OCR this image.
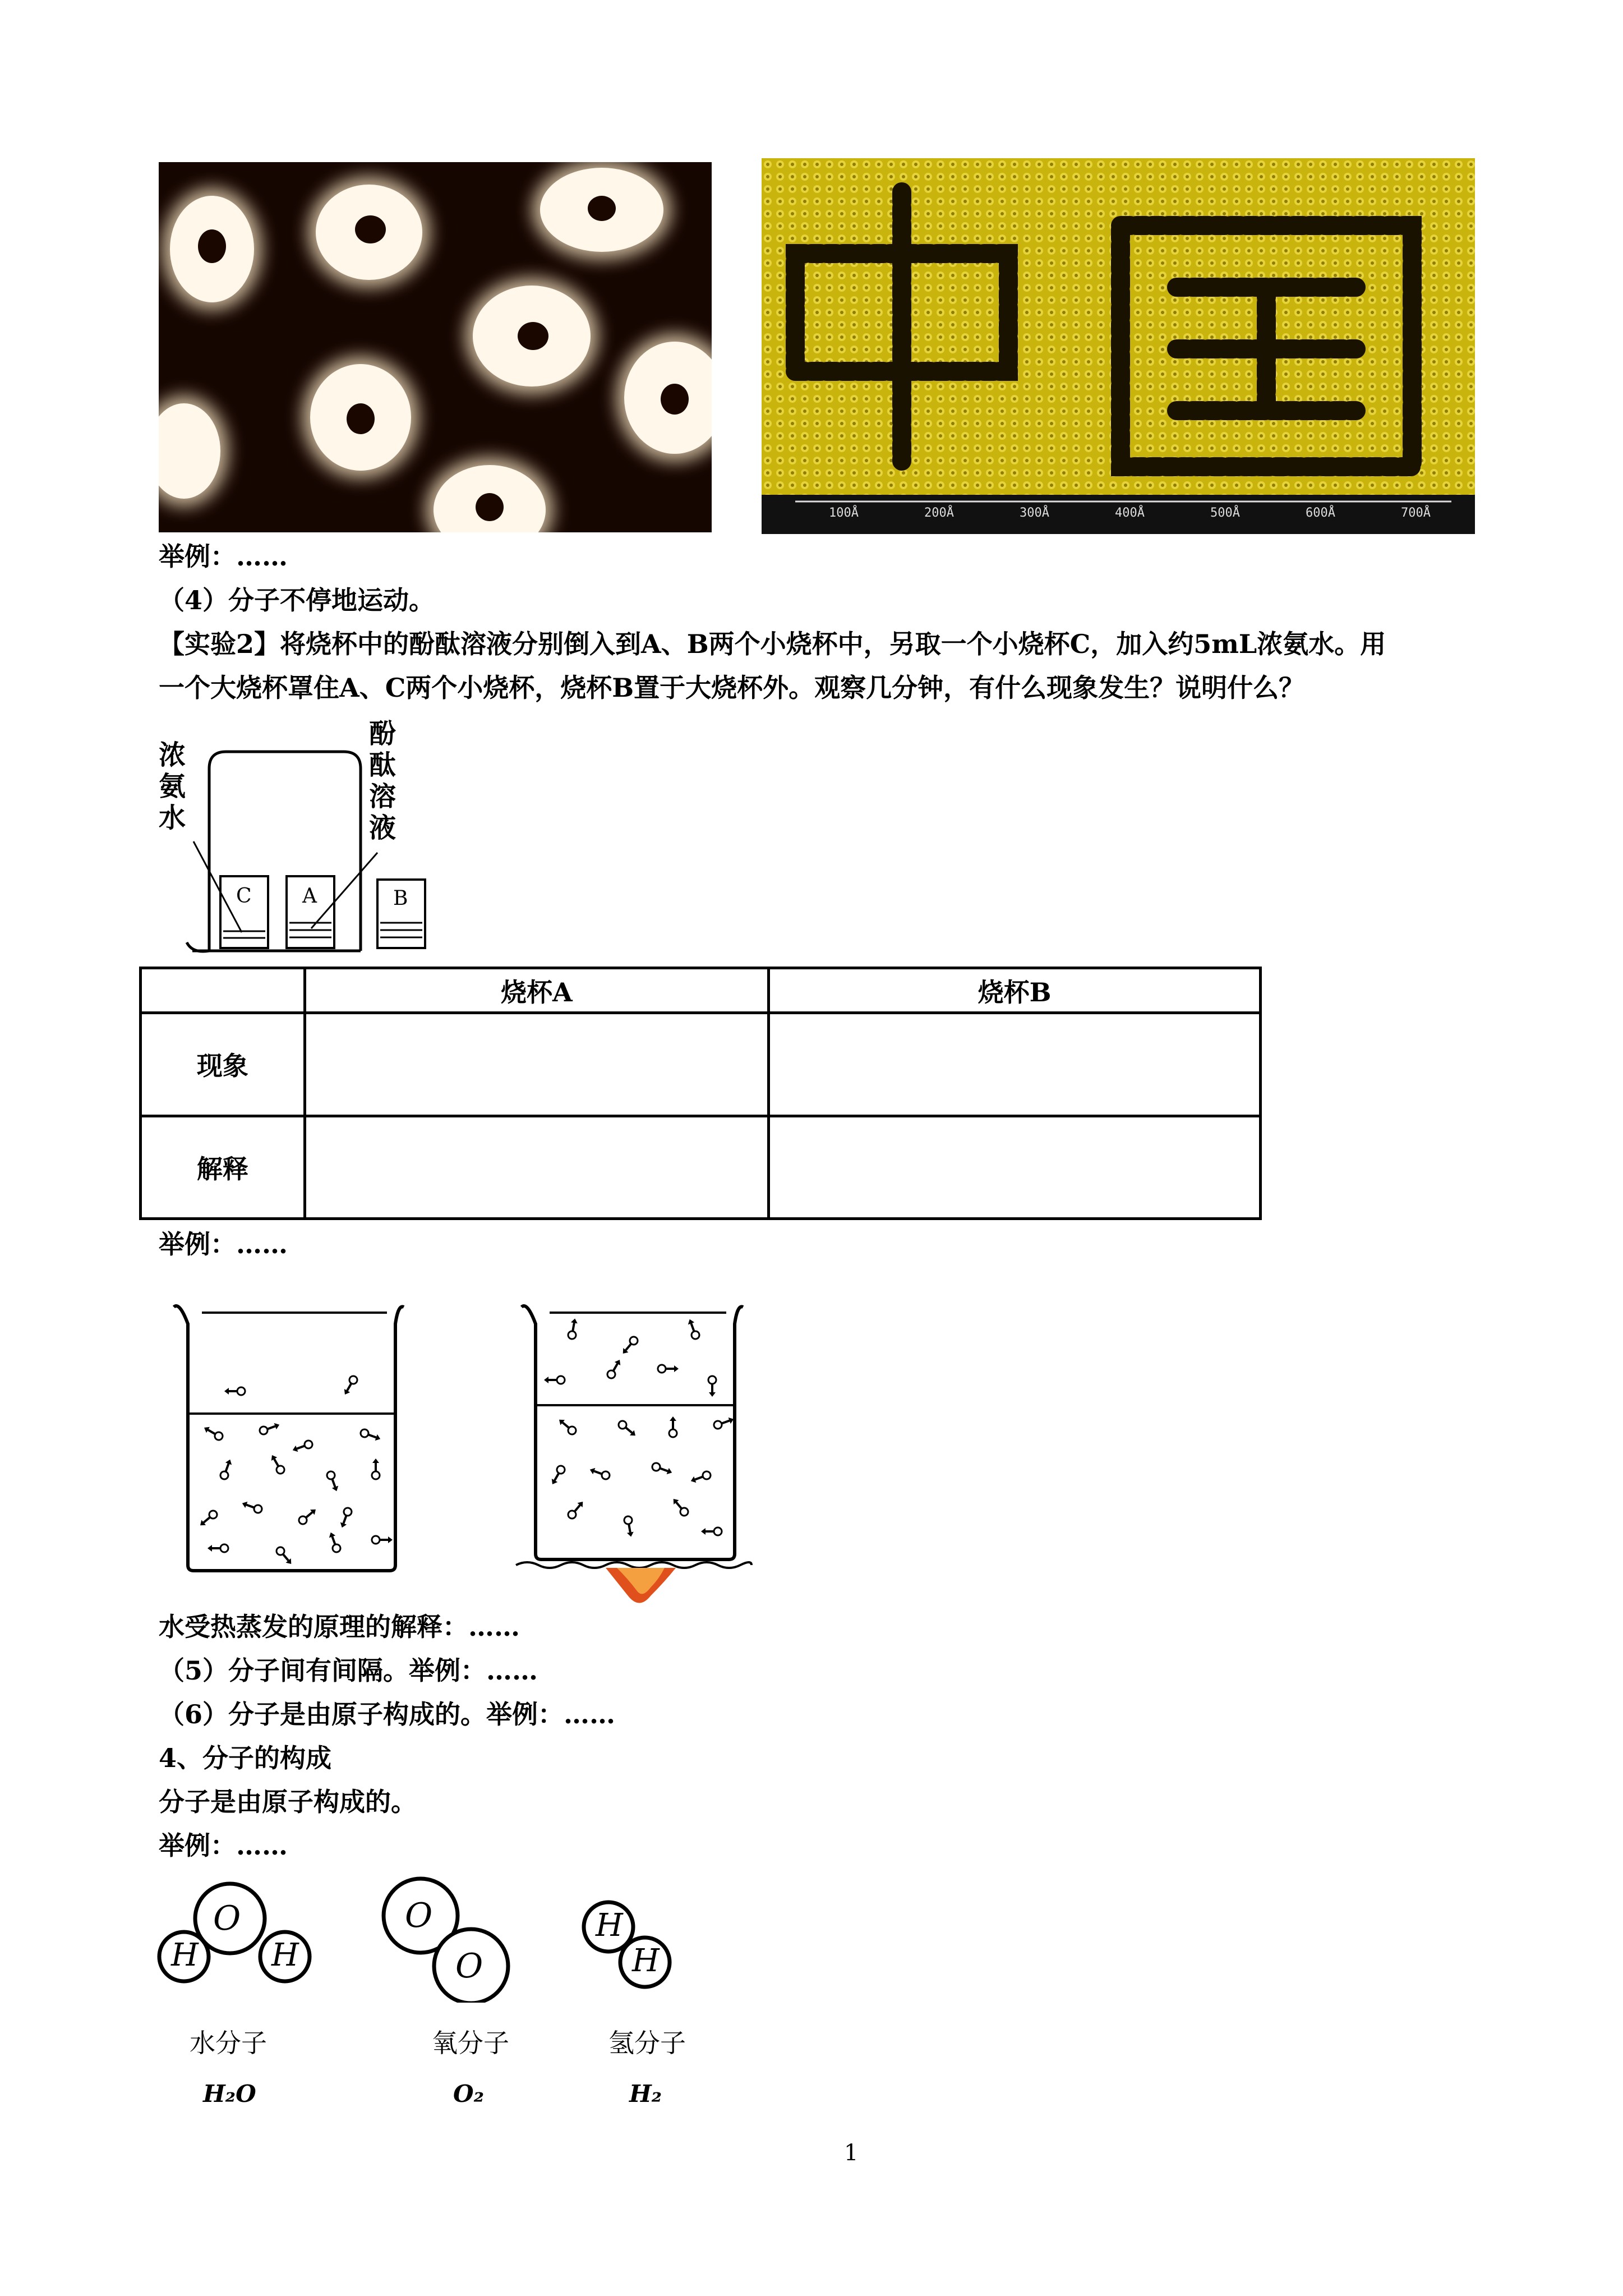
100Å	200Å	300Å	400Å	500Å	600Å	700Å
举例：……
（4）分子不停地运动。
【实验2】将烧杯中的酚酞溶液分别倒入到A、B两个小烧杯中，另取一个小烧杯C，加入约5mL浓氨水。用
一个大烧杯罩住A、C两个小烧杯，烧杯B置于大烧杯外。观察几分钟，有什么现象发生？说明什么？
浓
氨
水
酚
酞
溶
液
C	A	B
	烧杯A	烧杯B
现象		
解释		
举例：……
水受热蒸发的原理的解释：……
（5）分子间有间隔。举例：……
（6）分子是由原子构成的。举例：……
4、分子的构成
分子是由原子构成的。
举例：……
O
H H
O
O
H
H
水分子	氧分子	氢分子
H₂O	O₂	H₂
1
